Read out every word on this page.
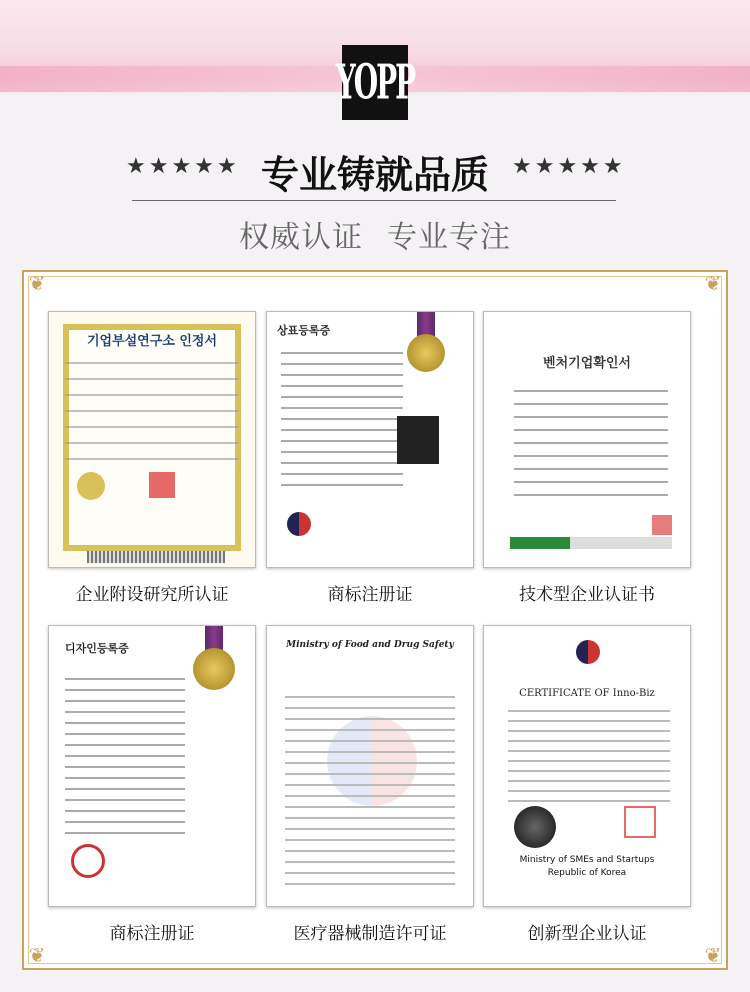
YOPP
★★★★★ 专业铸就品质	★★★★★
权威认证 专业专注
❦	❦
❦	❦
기업부설연구소 인정서
企业附设研究所认证
상표등록증
商标注册证
벤처기업확인서
技术型企业认证书
디자인등록증
商标注册证
Ministry of Food and Drug Safety
医疗器械制造许可证
CERTIFICATE OF Inno-Biz
Ministry of SMEs and Startups
Republic of Korea
创新型企业认证
